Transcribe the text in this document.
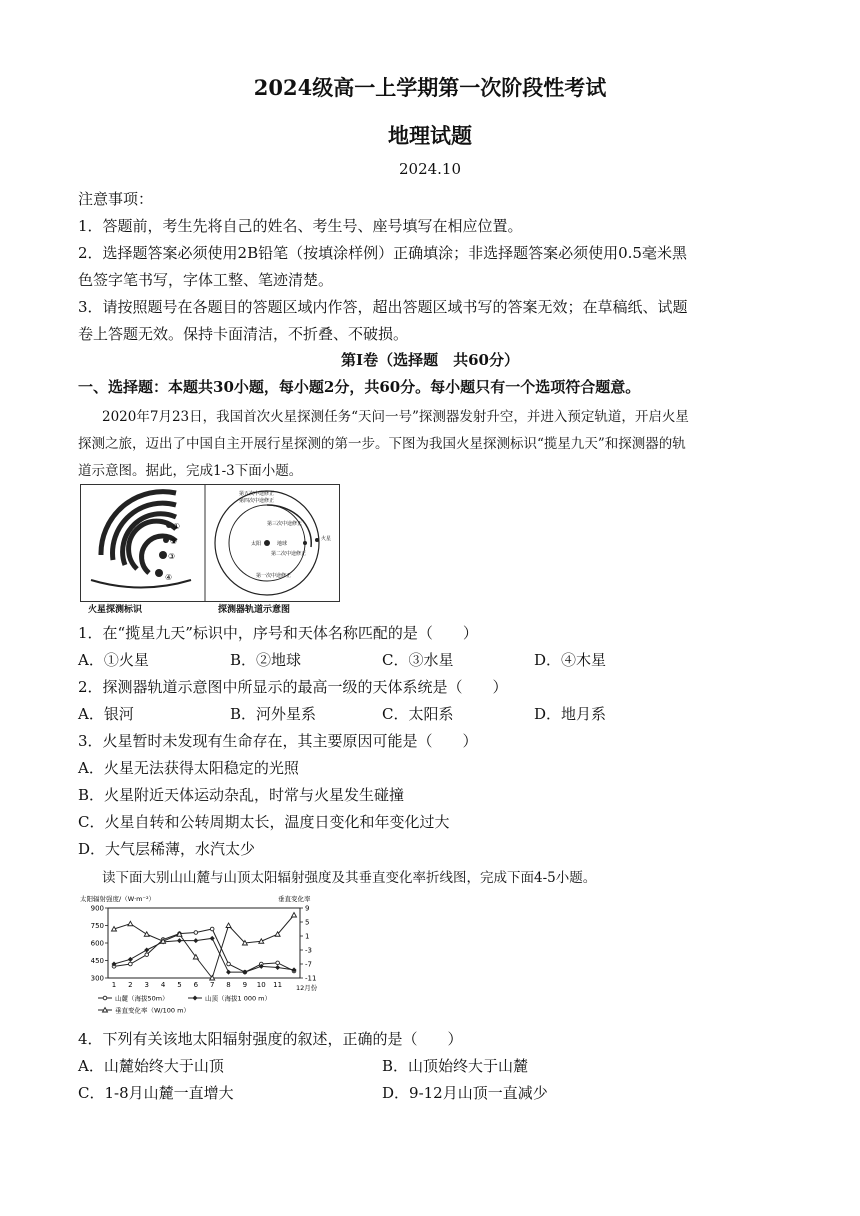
2024级高一上学期第一次阶段性考试
地理试题
2024.10
注意事项：
1．答题前，考生先将自己的姓名、考生号、座号填写在相应位置。
2．选择题答案必须使用2B铅笔（按填涂样例）正确填涂；非选择题答案必须使用0.5毫米黑
色签字笔书写，字体工整、笔迹清楚。
3．请按照题号在各题目的答题区域内作答，超出答题区域书写的答案无效；在草稿纸、试题
卷上答题无效。保持卡面清洁，不折叠、不破损。
第Ⅰ卷（选择题　共60分）
一、选择题：本题共30小题，每小题2分，共60分。每小题只有一个选项符合题意。
2020年7月23日，我国首次火星探测任务“天问一号”探测器发射升空，并进入预定轨道，开启火星
探测之旅，迈出了中国自主开展行星探测的第一步。下图为我国火星探测标识“揽星九天”和探测器的轨
道示意图。据此，完成1-3下面小题。
①
②
③
④
第五次中途修正
第四次中途修正
第三次中途修正
火星
地球
太阳
第二次中途修正
第一次中途修正
火星探测标识	探测器轨道示意图
1．在“揽星九天”标识中，序号和天体名称匹配的是（　　）
A．①火星	B．②地球	C．③水星	D．④木星
2．探测器轨道示意图中所显示的最高一级的天体系统是（　　）
A．银河	B．河外星系	C．太阳系	D．地月系
3．火星暂时未发现有生命存在，其主要原因可能是（　　）
A．火星无法获得太阳稳定的光照
B．火星附近天体运动杂乱，时常与火星发生碰撞
C．火星自转和公转周期太长，温度日变化和年变化过大
D．大气层稀薄，水汽太少
读下面大别山山麓与山顶太阳辐射强度及其垂直变化率折线图，完成下面4-5小题。
太阳辐射强度/（W·m⁻²）	垂直变化率
900
750
600
450
300
9
5
1
-3
-7
-11
1 2 3 4 5 6 7 8 9 10 11 12月份
山麓（海拔50m）	山顶（海拔1 000 m）
垂直变化率（W/100 m）
4．下列有关该地太阳辐射强度的叙述，正确的是（　　）
A．山麓始终大于山顶	B．山顶始终大于山麓
C．1-8月山麓一直增大	D．9-12月山顶一直减少
